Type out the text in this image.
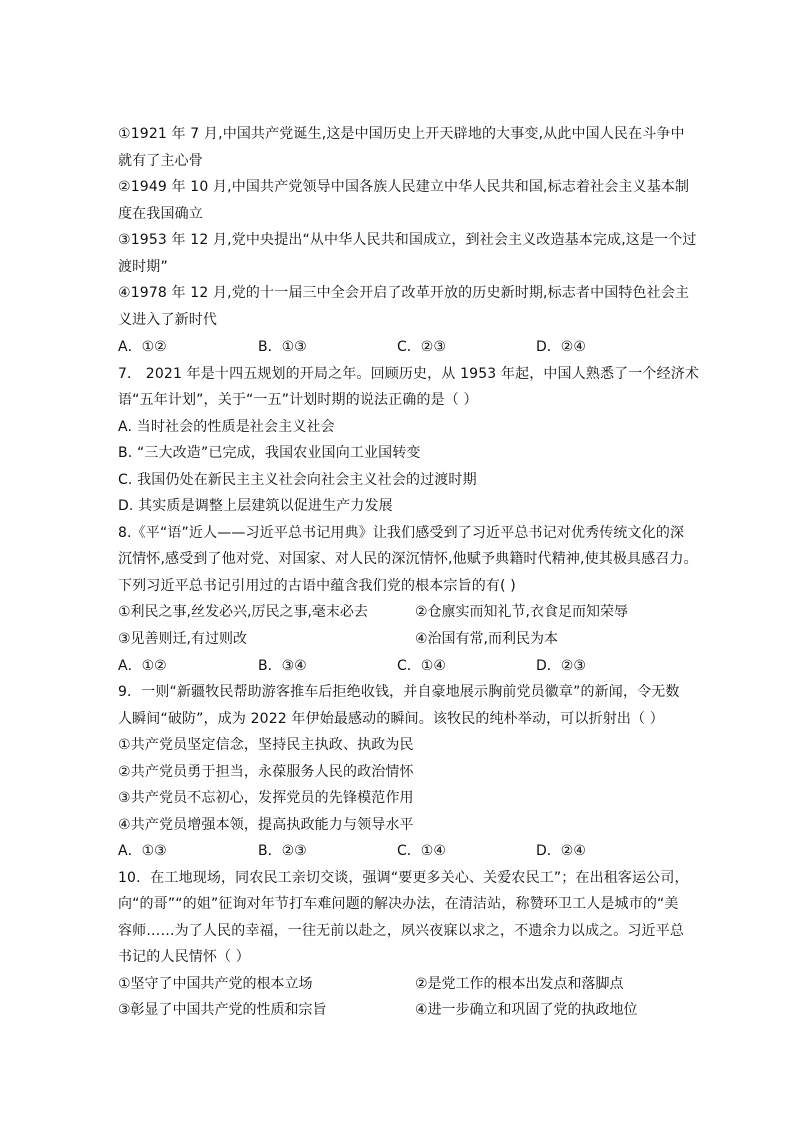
①1921 年 7 月,中国共产党诞生,这是中国历史上开天辟地的大事变,从此中国人民在斗争中
就有了主心骨
②1949 年 10 月,中国共产党领导中国各族人民建立中华人民共和国,标志着社会主义基本制
度在我国确立
③1953 年 12 月,党中央提出“从中华人民共和国成立，到社会主义改造基本完成,这是一个过
渡时期”
④1978 年 12 月,党的十一届三中全会开启了改革开放的历史新时期,标志者中国特色社会主
义进入了新时代
A．①②	B．①③	C．②③	D．②④
7． 2021 年是十四五规划的开局之年。回顾历史，从 1953 年起，中国人熟悉了一个经济术
语“五年计划”，关于“一五”计划时期的说法正确的是（ ）
A. 当时社会的性质是社会主义社会
B. “三大改造”已完成，我国农业国向工业国转变
C. 我国仍处在新民主主义社会向社会主义社会的过渡时期
D. 其实质是调整上层建筑以促进生产力发展
8.《平“语”近人——习近平总书记用典》让我们感受到了习近平总书记对优秀传统文化的深
沉情怀,感受到了他对党、对国家、对人民的深沉情怀,他赋予典籍时代精神,使其极具感召力。
下列习近平总书记引用过的古语中蕴含我们党的根本宗旨的有( )
①利民之事,丝发必兴,厉民之事,毫末必去	②仓廪实而知礼节,衣食足而知荣辱
③见善则迁,有过则改	④治国有常,而利民为本
A．①②	B．③④	C．①④	D．②③
9．一则“新疆牧民帮助游客推车后拒绝收钱，并自豪地展示胸前党员徽章”的新闻，令无数
人瞬间“破防”，成为 2022 年伊始最感动的瞬间。该牧民的纯朴举动，可以折射出（ ）
①共产党员坚定信念，坚持民主执政、执政为民
②共产党员勇于担当，永葆服务人民的政治情怀
③共产党员不忘初心，发挥党员的先锋模范作用
④共产党员增强本领，提高执政能力与领导水平
A．①③	B．②③	C．①④	D．②④
10．在工地现场，同农民工亲切交谈，强调“要更多关心、关爱农民工”；在出租客运公司，
向“的哥”“的姐”征询对年节打车难问题的解决办法，在清洁站，称赞环卫工人是城市的“美
容师……为了人民的幸福，一往无前以赴之，夙兴夜寐以求之，不遗余力以成之。习近平总
书记的人民情怀（ ）
①坚守了中国共产党的根本立场	②是党工作的根本出发点和落脚点
③彰显了中国共产党的性质和宗旨	④进一步确立和巩固了党的执政地位
